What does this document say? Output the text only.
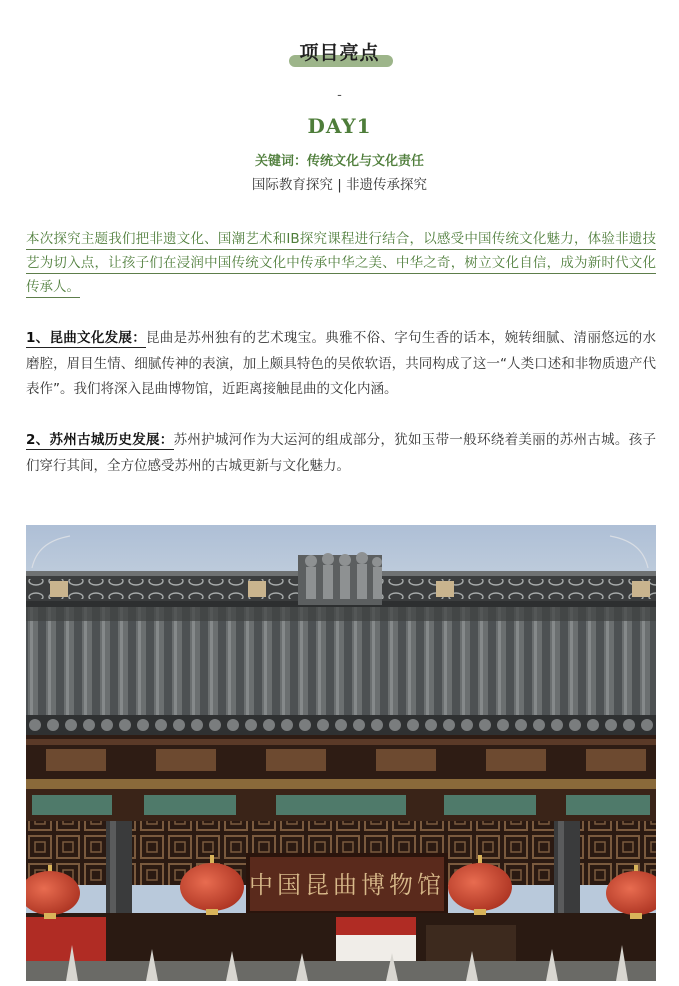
项目亮点
-
DAY1
关键词：传统文化与文化责任
国际教育探究 | 非遗传承探究
本次探究主题我们把非遗文化、国潮艺术和IB探究课程进行结合，以感受中国传统文化魅力，体验非遗技艺为切入点，让孩子们在浸润中国传统文化中传承中华之美、中华之奇，树立文化自信，成为新时代文化传承人。
1、昆曲文化发展：昆曲是苏州独有的艺术瑰宝。典雅不俗、字句生香的话本，婉转细腻、清丽悠远的水磨腔，眉目生情、细腻传神的表演，加上颇具特色的吴侬软语，共同构成了这一“人类口述和非物质遗产代表作”。我们将深入昆曲博物馆，近距离接触昆曲的文化内涵。
2、苏州古城历史发展：苏州护城河作为大运河的组成部分，犹如玉带一般环绕着美丽的苏州古城。孩子们穿行其间，全方位感受苏州的古城更新与文化魅力。
中国昆曲博物馆
